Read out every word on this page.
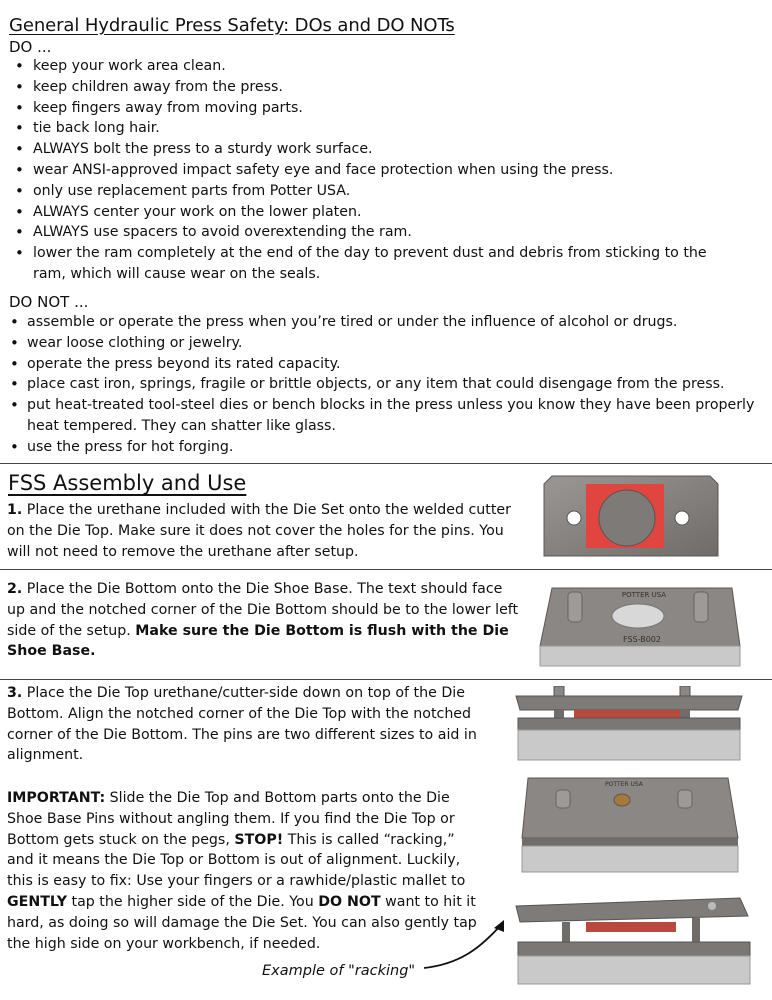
General Hydraulic Press Safety: DOs and DO NOTs
DO ...
• keep your work area clean.
• keep children away from the press.
• keep fingers away from moving parts.
• tie back long hair.
• ALWAYS bolt the press to a sturdy work surface.
• wear ANSI-approved impact safety eye and face protection when using the press.
• only use replacement parts from Potter USA.
• ALWAYS center your work on the lower platen.
• ALWAYS use spacers to avoid overextending the ram.
• lower the ram completely at the end of the day to prevent dust and debris from sticking to the ram, which will cause wear on the seals.
DO NOT ...
• assemble or operate the press when you’re tired or under the influence of alcohol or drugs.
• wear loose clothing or jewelry.
• operate the press beyond its rated capacity.
• place cast iron, springs, fragile or brittle objects, or any item that could disengage from the press.
• put heat-treated tool-steel dies or bench blocks in the press unless you know they have been properly heat tempered. They can shatter like glass.
• use the press for hot forging.
FSS Assembly and Use

1. Place the urethane included with the Die Set onto the welded cutter on the Die Top. Make sure it does not cover the holes for the pins. You will not need to remove the urethane after setup.

2. Place the Die Bottom onto the Die Shoe Base. The text should face up and the notched corner of the Die Bottom should be to the lower left side of the setup. Make sure the Die Bottom is flush with the Die Shoe Base.

POTTER USA
FSS-B002

3. Place the Die Top urethane/cutter-side down on top of the Die Bottom. Align the notched corner of the Die Top with the notched corner of the Die Bottom. The pins are two different sizes to aid in alignment.

IMPORTANT: Slide the Die Top and Bottom parts onto the Die Shoe Base Pins without angling them. If you find the Die Top or Bottom gets stuck on the pegs, STOP! This is called “racking,” and it means the Die Top or Bottom is out of alignment. Luckily, this is easy to fix: Use your fingers or a rawhide/plastic mallet to GENTLY tap the higher side of the Die. You DO NOT want to hit it hard, as doing so will damage the Die Set. You can also gently tap the high side on your workbench, if needed.

POTTER USA
Example of "racking"
